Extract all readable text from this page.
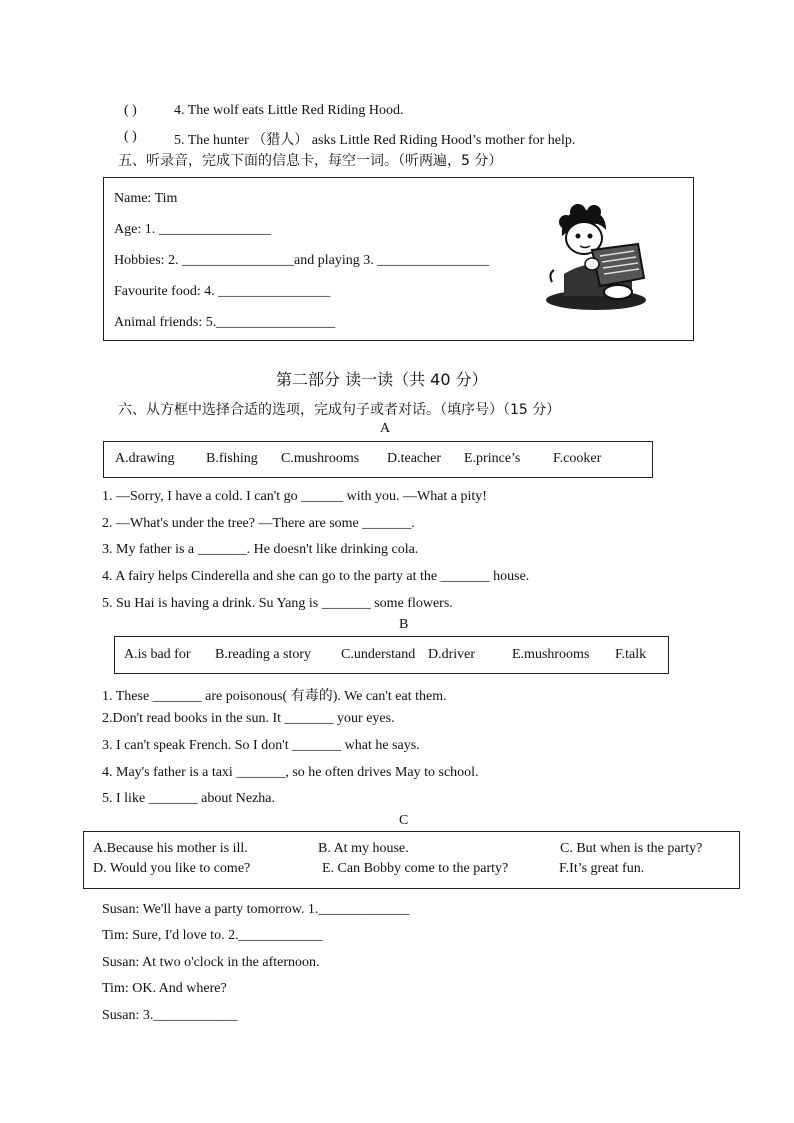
( )	4. The wolf eats Little Red Riding Hood.
( )	5. The hunter （猎人） asks Little Red Riding Hood’s mother for help.
五、听录音，完成下面的信息卡，每空一词。（听两遍，5 分）
Name: Tim
Age: 1. ________________
Hobbies: 2. ________________and playing 3. ________________
Favourite food: 4. ________________
Animal friends: 5._________________
第二部分 读一读（共 40 分）
六、从方框中选择合适的选项，完成句子或者对话。（填序号）（15 分）
A
A.drawing B.fishing C.mushrooms D.teacher E.prince’s F.cooker
1. —Sorry, I have a cold. I can't go ______ with you. —What a pity!
2. —What's under the tree? —There are some _______.
3. My father is a _______. He doesn't like drinking cola.
4. A fairy helps Cinderella and she can go to the party at the _______ house.
5. Su Hai is having a drink. Su Yang is _______ some flowers.
B
A.is bad for B.reading a story C.understand D.driver	E.mushrooms F.talk
1. These _______ are poisonous( 有毒的). We can't eat them.
2.Don't read books in the sun. It _______ your eyes.
3. I can't speak French. So I don't _______ what he says.
4. May's father is a taxi _______, so he often drives May to school.
5. I like _______ about Nezha.
C
A.Because his mother is ill.	B. At my house.	C. But when is the party?
D. Would you like to come?	E. Can Bobby come to the party?	F.It’s great fun.
Susan: We'll have a party tomorrow. 1._____________
Tim: Sure, I'd love to. 2.____________
Susan: At two o'clock in the afternoon.
Tim: OK. And where?
Susan: 3.____________
